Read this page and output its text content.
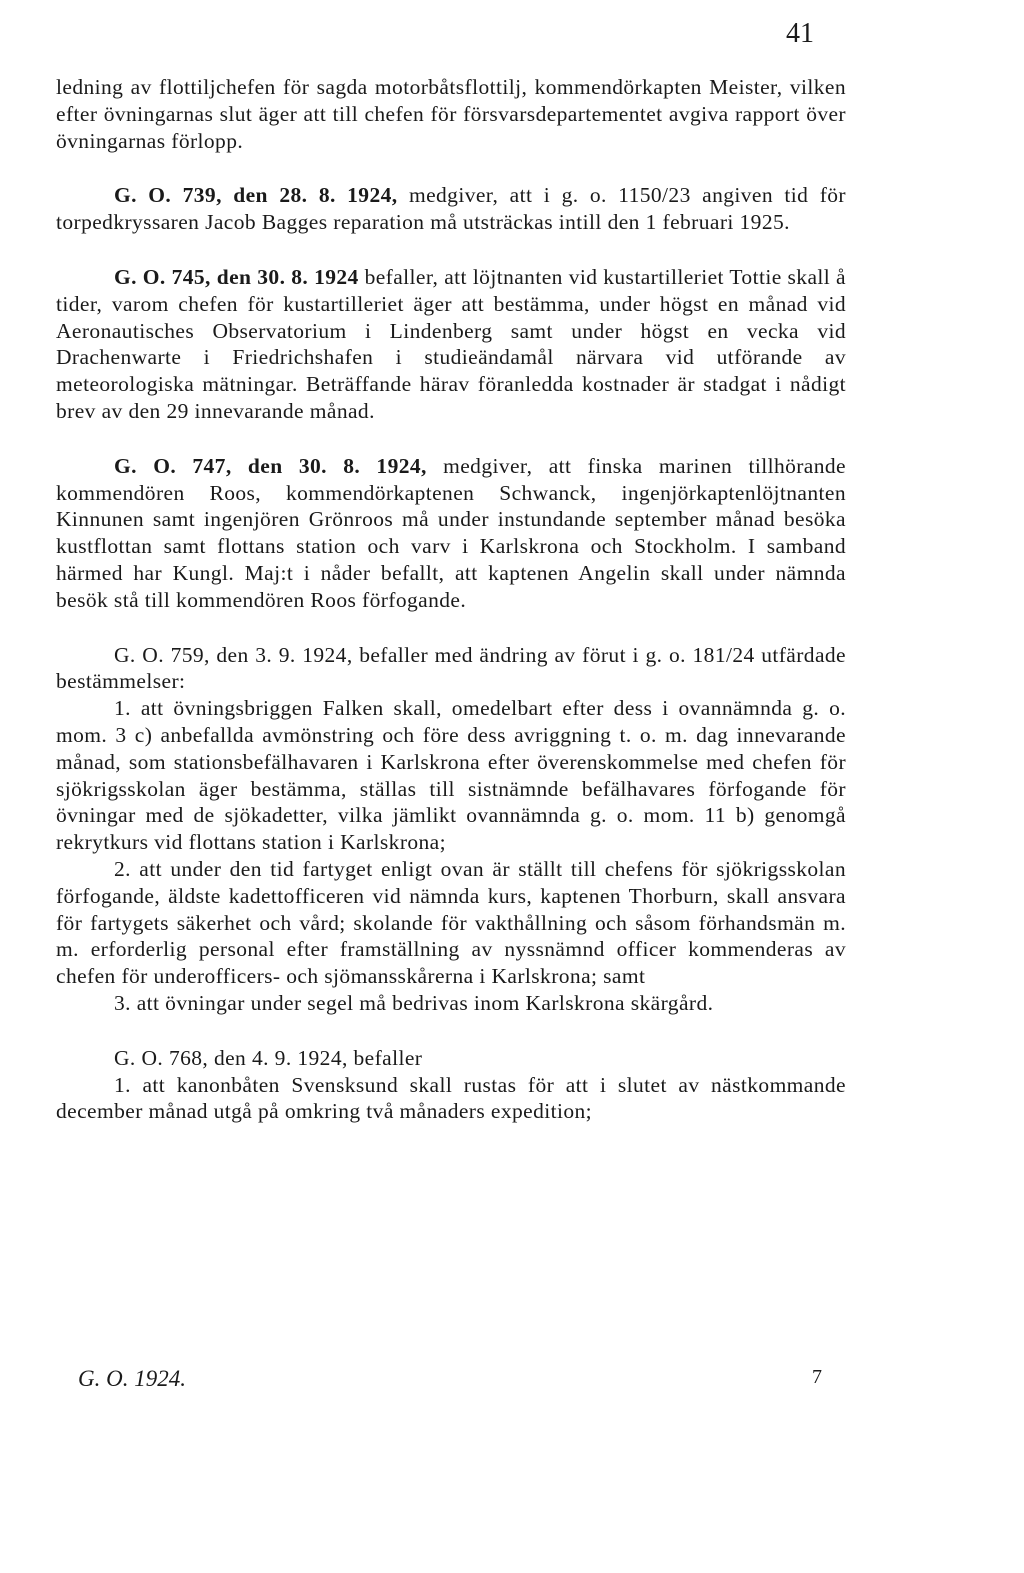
41

ledning av flottiljchefen för sagda motorbåtsflottilj, kommendörkapten Meister, vilken efter övningarnas slut äger att till chefen för försvarsdepartementet avgiva rapport över övningarnas förlopp.

G. O. 739, den 28. 8. 1924, medgiver, att i g. o. 1150/23 angiven tid för torpedkryssaren Jacob Bagges reparation må utsträckas intill den 1 februari 1925.

G. O. 745, den 30. 8. 1924 befaller, att löjtnanten vid kustartilleriet Tottie skall å tider, varom chefen för kustartilleriet äger att bestämma, under högst en månad vid Aeronautisches Observatorium i Lindenberg samt under högst en vecka vid Drachenwarte i Friedrichshafen i studieändamål närvara vid utförande av meteorologiska mätningar. Beträffande härav föranledda kostnader är stadgat i nådigt brev av den 29 innevarande månad.

G. O. 747, den 30. 8. 1924, medgiver, att finska marinen tillhörande kommendören Roos, kommendörkaptenen Schwanck, ingenjörkaptenlöjtnanten Kinnunen samt ingenjören Grönroos må under instundande september månad besöka kustflottan samt flottans station och varv i Karlskrona och Stockholm. I samband härmed har Kungl. Maj:t i nåder befallt, att kaptenen Angelin skall under nämnda besök stå till kommendören Roos förfogande.

G. O. 759, den 3. 9. 1924, befaller med ändring av förut i g. o. 181/24 utfärdade bestämmelser:

1. att övningsbriggen Falken skall, omedelbart efter dess i ovannämnda g. o. mom. 3 c) anbefallda avmönstring och före dess avriggning t. o. m. dag innevarande månad, som stationsbefälhavaren i Karlskrona efter överenskommelse med chefen för sjökrigsskolan äger bestämma, ställas till sistnämnde befälhavares förfogande för övningar med de sjökadetter, vilka jämlikt ovannämnda g. o. mom. 11 b) genomgå rekrytkurs vid flottans station i Karlskrona;

2. att under den tid fartyget enligt ovan är ställt till chefens för sjökrigsskolan förfogande, äldste kadettofficeren vid nämnda kurs, kaptenen Thorburn, skall ansvara för fartygets säkerhet och vård; skolande för vakthållning och såsom förhandsmän m. m. erforderlig personal efter framställning av nyssnämnd officer kommenderas av chefen för underofficers- och sjömansskårerna i Karlskrona; samt

3. att övningar under segel må bedrivas inom Karlskrona skärgård.

G. O. 768, den 4. 9. 1924, befaller

1. att kanonbåten Svensksund skall rustas för att i slutet av nästkommande december månad utgå på omkring två månaders expedition;

G. O. 1924.	7
